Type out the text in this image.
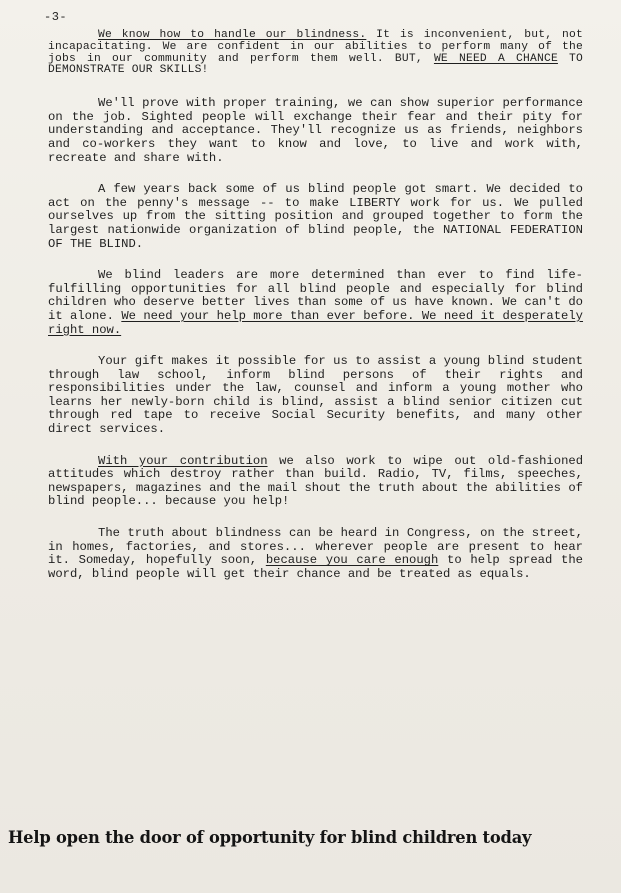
-3-

We know how to handle our blindness. It is inconvenient, but, not incapacitating. We are confident in our abilities to perform many of the jobs in our community and perform them well. BUT, WE NEED A CHANCE TO DEMONSTRATE OUR SKILLS!

We'll prove with proper training, we can show superior performance on the job. Sighted people will exchange their fear and their pity for understanding and acceptance. They'll recognize us as friends, neighbors and co-workers they want to know and love, to live and work with, recreate and share with.

A few years back some of us blind people got smart. We decided to act on the penny's message -- to make LIBERTY work for us. We pulled ourselves up from the sitting position and grouped together to form the largest nationwide organization of blind people, the NATIONAL FEDERATION OF THE BLIND.

We blind leaders are more determined than ever to find life-fulfilling opportunities for all blind people and especially for blind children who deserve better lives than some of us have known. We can't do it alone. We need your help more than ever before. We need it desperately right now.

Your gift makes it possible for us to assist a young blind student through law school, inform blind persons of their rights and responsibilities under the law, counsel and inform a young mother who learns her newly-born child is blind, assist a blind senior citizen cut through red tape to receive Social Security benefits, and many other direct services.

With your contribution we also work to wipe out old-fashioned attitudes which destroy rather than build. Radio, TV, films, speeches, newspapers, magazines and the mail shout the truth about the abilities of blind people... because you help!

The truth about blindness can be heard in Congress, on the street, in homes, factories, and stores... wherever people are present to hear it. Someday, hopefully soon, because you care enough to help spread the word, blind people will get their chance and be treated as equals.

Help open the door of opportunity for blind children today
